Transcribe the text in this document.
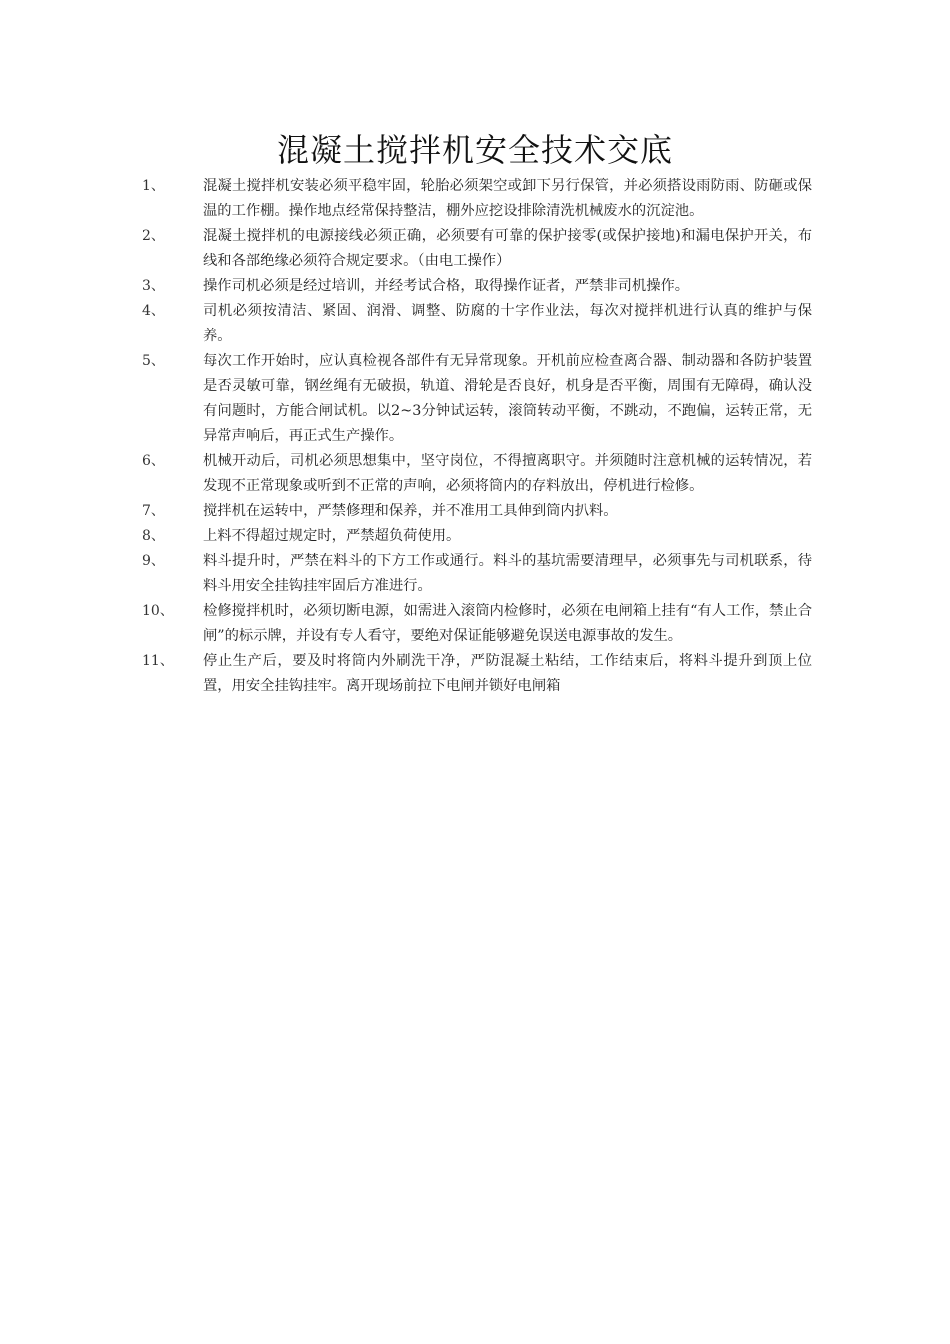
混凝土搅拌机安全技术交底
1、	混凝土搅拌机安装必须平稳牢固，轮胎必须架空或卸下另行保管，并必须搭设雨防雨、防砸或保温的工作棚。操作地点经常保持整洁，棚外应挖设排除清洗机械废水的沉淀池。
2、	混凝土搅拌机的电源接线必须正确，必须要有可靠的保护接零(或保护接地)和漏电保护开关，布线和各部绝缘必须符合规定要求。（由电工操作）
3、	操作司机必须是经过培训，并经考试合格，取得操作证者，严禁非司机操作。
4、	司机必须按清洁、紧固、润滑、调整、防腐的十字作业法，每次对搅拌机进行认真的维护与保养。
5、	每次工作开始时，应认真检视各部件有无异常现象。开机前应检查离合器、制动器和各防护装置是否灵敏可靠，钢丝绳有无破损，轨道、滑轮是否良好，机身是否平衡，周围有无障碍，确认没有问题时，方能合闸试机。以2~3分钟试运转，滚筒转动平衡，不跳动，不跑偏，运转正常，无异常声响后，再正式生产操作。
6、	机械开动后，司机必须思想集中，坚守岗位，不得擅离职守。并须随时注意机械的运转情况，若发现不正常现象或听到不正常的声响，必须将筒内的存料放出，停机进行检修。
7、	搅拌机在运转中，严禁修理和保养，并不准用工具伸到筒内扒料。
8、	上料不得超过规定时，严禁超负荷使用。
9、	料斗提升时，严禁在料斗的下方工作或通行。料斗的基坑需要清理早，必须事先与司机联系，待料斗用安全挂钩挂牢固后方准进行。
10、	检修搅拌机时，必须切断电源，如需进入滚筒内检修时，必须在电闸箱上挂有“有人工作，禁止合闸”的标示牌，并设有专人看守，要绝对保证能够避免误送电源事故的发生。
11、	停止生产后，要及时将筒内外刷洗干净，严防混凝土粘结，工作结束后，将料斗提升到顶上位置，用安全挂钩挂牢。离开现场前拉下电闸并锁好电闸箱
